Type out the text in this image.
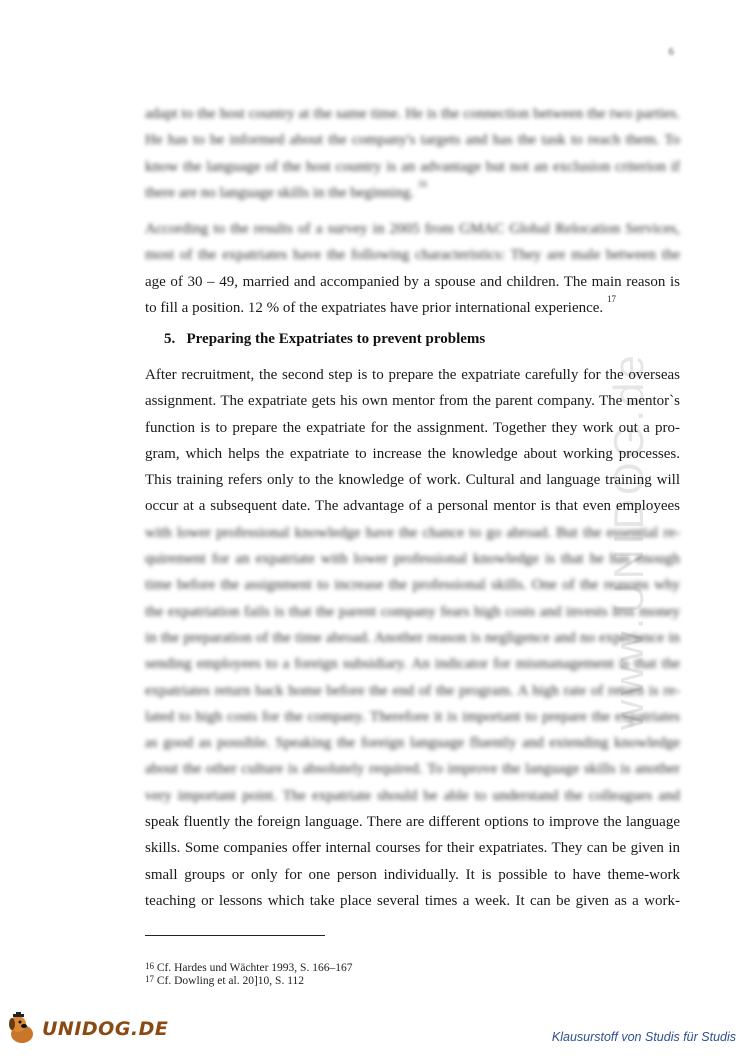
6
www.UNIDOG.de
adapt to the host country at the same time. He is the connection between the two parties.
He has to be informed about the company's targets and has the task to reach them. To
know the language of the host country is an advantage but not an exclusion criterion if
there are no language skills in the beginning. $^{16}$
According to the results of a survey in 2005 from GMAC Global Relocation Services,
most of the expatriates have the following characteristics: They are male between the
age of 30 – 49, married and accompanied by a spouse and children. The main reason is
to fill a position. 12 % of the expatriates have prior international experience. $^{17}$
5.   Preparing the Expatriates to prevent problems
After recruitment, the second step is to prepare the expatriate carefully for the overseas
assignment. The expatriate gets his own mentor from the parent company. The mentor`s
function is to prepare the expatriate for the assignment. Together they work out a pro-
gram, which helps the expatriate to increase the knowledge about working processes.
This training refers only to the knowledge of work. Cultural and language training will
occur at a subsequent date. The advantage of a personal mentor is that even employees
with lower professional knowledge have the chance to go abroad. But the essential re-
quirement for an expatriate with lower professional knowledge is that he has enough
time before the assignment to increase the professional skills. One of the reasons why
the expatriation fails is that the parent company fears high costs and invests less money
in the preparation of the time abroad. Another reason is negligence and no experience in
sending employees to a foreign subsidiary. An indicator for mismanagement is that the
expatriates return back home before the end of the program. A high rate of return is re-
lated to high costs for the company. Therefore it is important to prepare the expatriates
as good as possible. Speaking the foreign language fluently and extending knowledge
about the other culture is absolutely required. To improve the language skills is another
very important point. The expatriate should be able to understand the colleagues and
speak fluently the foreign language. There are different options to improve the language
skills. Some companies offer internal courses for their expatriates. They can be given in
small groups or only for one person individually. It is possible to have theme-work
teaching or lessons which take place several times a week. It can be given as a work-
$^{16}$ Cf. Hardes und Wächter 1993, S. 166–167
$^{17}$ Cf. Dowling et al. 20]10, S. 112
UNIDOG.DE	Klausurstoff von Studis für Studis
